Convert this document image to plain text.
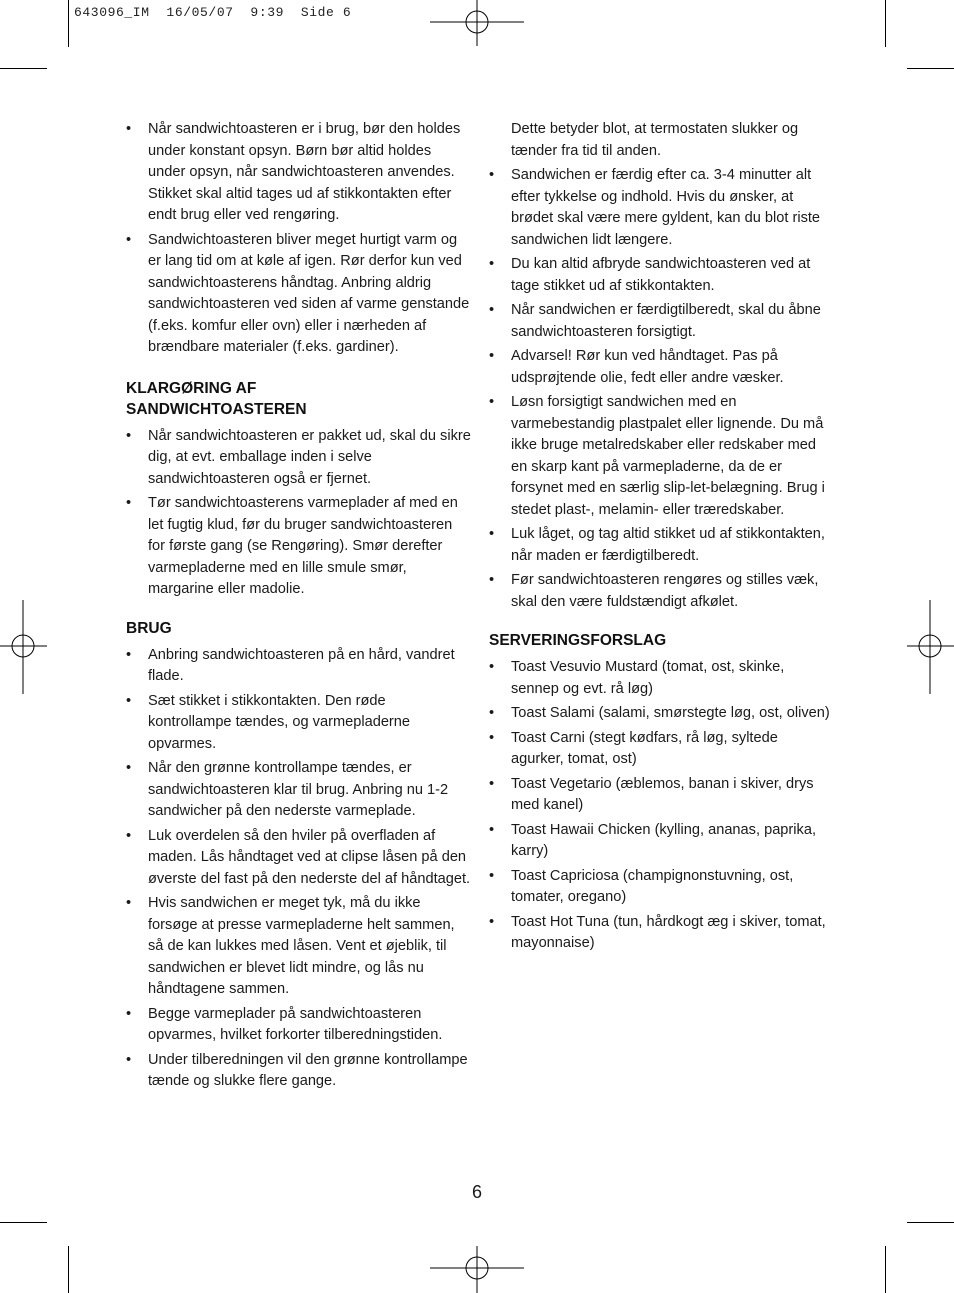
643096_IM  16/05/07  9:39  Side 6
• Når sandwichtoasteren er i brug, bør den holdes under konstant opsyn. Børn bør altid holdes under opsyn, når sandwichtoasteren anvendes. Stikket skal altid tages ud af stikkontakten efter endt brug eller ved rengøring.
• Sandwichtoasteren bliver meget hurtigt varm og er lang tid om at køle af igen. Rør derfor kun ved sandwichtoasterens håndtag. Anbring aldrig sandwichtoasteren ved siden af varme genstande (f.eks. komfur eller ovn) eller i nærheden af brændbare materialer (f.eks. gardiner).
KLARGØRING AF
SANDWICHTOASTEREN
• Når sandwichtoasteren er pakket ud, skal du sikre dig, at evt. emballage inden i selve sandwichtoasteren også er fjernet.
• Tør sandwichtoasterens varmeplader af med en let fugtig klud, før du bruger sandwichtoasteren for første gang (se Rengøring). Smør derefter varmepladerne med en lille smule smør, margarine eller madolie.
BRUG
• Anbring sandwichtoasteren på en hård, vandret flade.
• Sæt stikket i stikkontakten. Den røde kontrollampe tændes, og varmepladerne opvarmes.
• Når den grønne kontrollampe tændes, er sandwichtoasteren klar til brug. Anbring nu 1-2 sandwicher på den nederste varmeplade.
• Luk overdelen så den hviler på overfladen af maden. Lås håndtaget ved at clipse låsen på den øverste del fast på den nederste del af håndtaget.
• Hvis sandwichen er meget tyk, må du ikke forsøge at presse varmepladerne helt sammen, så de kan lukkes med låsen. Vent et øjeblik, til sandwichen er blevet lidt mindre, og lås nu håndtagene sammen.
• Begge varmeplader på sandwichtoasteren opvarmes, hvilket forkorter tilberedningstiden.
• Under tilberedningen vil den grønne kontrollampe tænde og slukke flere gange.

Dette betyder blot, at termostaten slukker og tænder fra tid til anden.

• Sandwichen er færdig efter ca. 3-4 minutter alt efter tykkelse og indhold. Hvis du ønsker, at brødet skal være mere gyldent, kan du blot riste sandwichen lidt længere.
• Du kan altid afbryde sandwichtoasteren ved at tage stikket ud af stikkontakten.
• Når sandwichen er færdigtilberedt, skal du åbne sandwichtoasteren forsigtigt.
• Advarsel! Rør kun ved håndtaget. Pas på udsprøjtende olie, fedt eller andre væsker.
• Løsn forsigtigt sandwichen med en varmebestandig plastpalet eller lignende. Du må ikke bruge metalredskaber eller redskaber med en skarp kant på varmepladerne, da de er forsynet med en særlig slip-let-belægning. Brug i stedet plast-, melamin- eller træredskaber.
• Luk låget, og tag altid stikket ud af stikkontakten, når maden er færdigtilberedt.
• Før sandwichtoasteren rengøres og stilles væk, skal den være fuldstændigt afkølet.
SERVERINGSFORSLAG
• Toast Vesuvio Mustard (tomat, ost, skinke, sennep og evt. rå løg)
• Toast Salami (salami, smørstegte løg, ost, oliven)
• Toast Carni (stegt kødfars, rå løg, syltede agurker, tomat, ost)
• Toast Vegetario (æblemos, banan i skiver, drys med kanel)
• Toast Hawaii Chicken (kylling, ananas, paprika, karry)
• Toast Capriciosa (champignonstuvning, ost, tomater, oregano)
• Toast Hot Tuna (tun, hårdkogt æg i skiver, tomat, mayonnaise)
6
